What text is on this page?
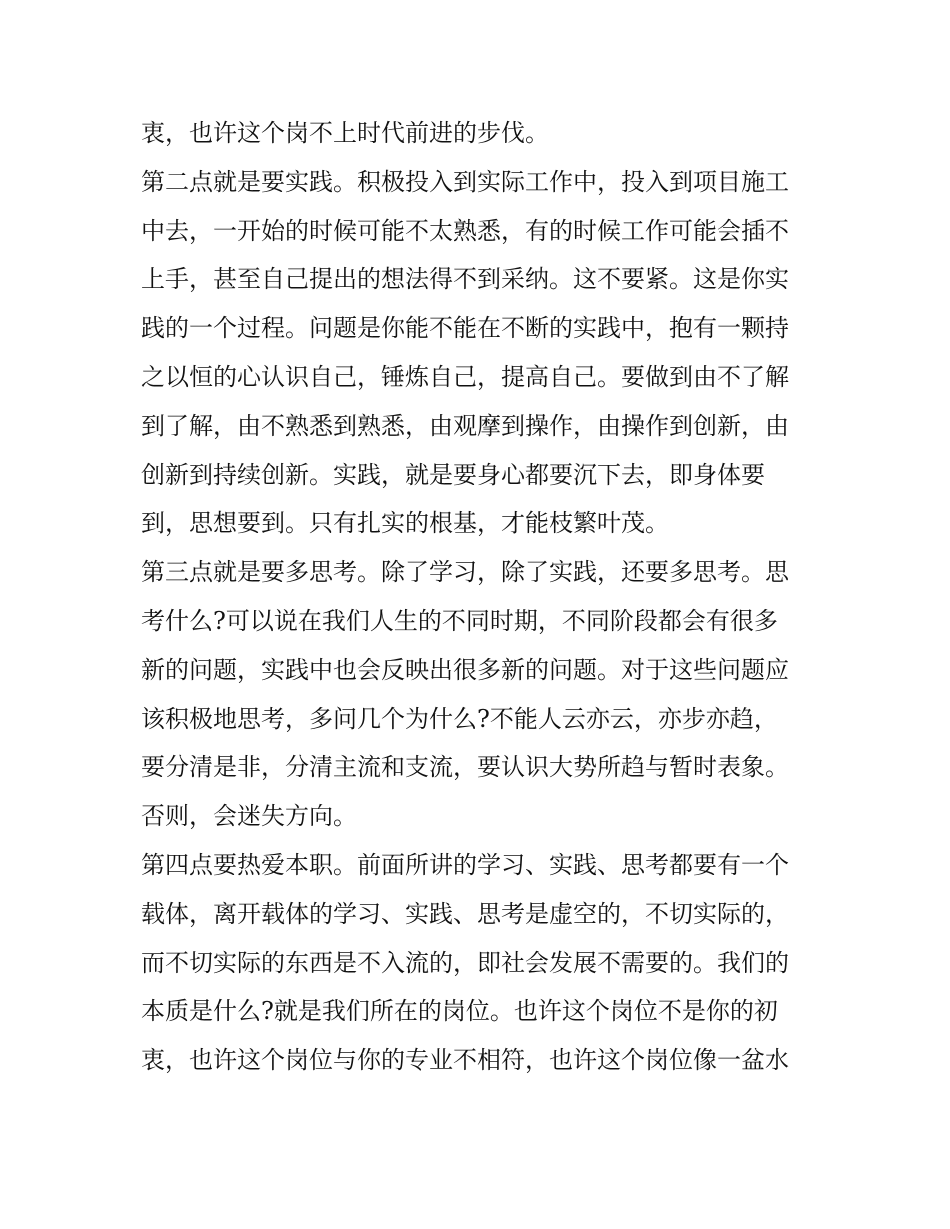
衷，也许这个岗不上时代前进的步伐。
第二点就是要实践。积极投入到实际工作中，投入到项目施工
中去，一开始的时候可能不太熟悉，有的时候工作可能会插不
上手，甚至自己提出的想法得不到采纳。这不要紧。这是你实
践的一个过程。问题是你能不能在不断的实践中，抱有一颗持
之以恒的心认识自己，锤炼自己，提高自己。要做到由不了解
到了解，由不熟悉到熟悉，由观摩到操作，由操作到创新，由
创新到持续创新。实践，就是要身心都要沉下去，即身体要
到，思想要到。只有扎实的根基，才能枝繁叶茂。
第三点就是要多思考。除了学习，除了实践，还要多思考。思
考什么?可以说在我们人生的不同时期，不同阶段都会有很多
新的问题，实践中也会反映出很多新的问题。对于这些问题应
该积极地思考，多问几个为什么?不能人云亦云，亦步亦趋，
要分清是非，分清主流和支流，要认识大势所趋与暂时表象。
否则，会迷失方向。
第四点要热爱本职。前面所讲的学习、实践、思考都要有一个
载体，离开载体的学习、实践、思考是虚空的，不切实际的，
而不切实际的东西是不入流的，即社会发展不需要的。我们的
本质是什么?就是我们所在的岗位。也许这个岗位不是你的初
衷，也许这个岗位与你的专业不相符，也许这个岗位像一盆水
